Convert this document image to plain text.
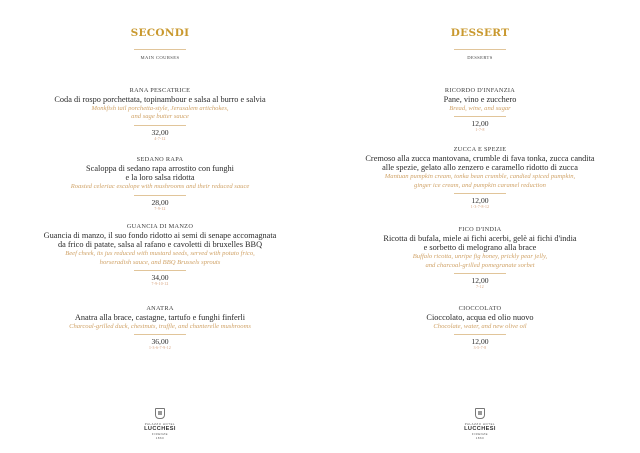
SECONDI
MAIN COURSES
RANA PESCATRICE
Coda di rospo porchettata, topinambour e salsa al burro e salvia
Monkfish tail porchetta-style, Jerusalem artichokes,
and sage butter sauce
32,00
4-7-12
SEDANO RAPA
Scaloppa di sedano rapa arrostito con funghi
e la loro salsa ridotta
Roasted celeriac escalope with mushrooms and their reduced sauce
28,00
7-9-12
GUANCIA DI MANZO
Guancia di manzo, il suo fondo ridotto ai semi di senape accomagnata
da frico di patate, salsa al rafano e cavoletti di bruxelles BBQ
Beef cheek, its jus reduced with mustard seeds, served with potato frico,
horseradish sauce, and BBQ Brussels sprouts
34,00
7-9-10-12
ANATRA
Anatra alla brace, castagne, tartufo e funghi finferli
Charcoal-grilled duck, chestnuts, truffle, and chanterelle mushrooms
36,00
1-3-6-7-9-12
PALAZZO HOTEL
LUCCHESI
FIRENZE
1860
DESSERT
DESSERTS
RICORDO D'INFANZIA
Pane, vino e zucchero
Bread, wine, and sugar
12,00
1-7-8
ZUCCA E SPEZIE
Cremoso alla zucca mantovana, crumble di fava tonka, zucca candita
alle spezie, gelato allo zenzero e caramello ridotto di zucca
Mantuan pumpkin cream, tonka bean crumble, candied spiced pumpkin,
ginger ice cream, and pumpkin caramel reduction
12,00
1-3-7-8-12
FICO D'INDIA
Ricotta di bufala, miele ai fichi acerbi, gelè ai fichi d'india
e sorbetto di melograno alla brace
Buffalo ricotta, unripe fig honey, prickly pear jelly,
and charcoal-grilled pomegranate sorbet
12,00
7-12
CIOCCOLATO
Cioccolato, acqua ed olio nuovo
Chocolate, water, and new olive oil
12,00
3-5-7-8
PALAZZO HOTEL
LUCCHESI
FIRENZE
1860
